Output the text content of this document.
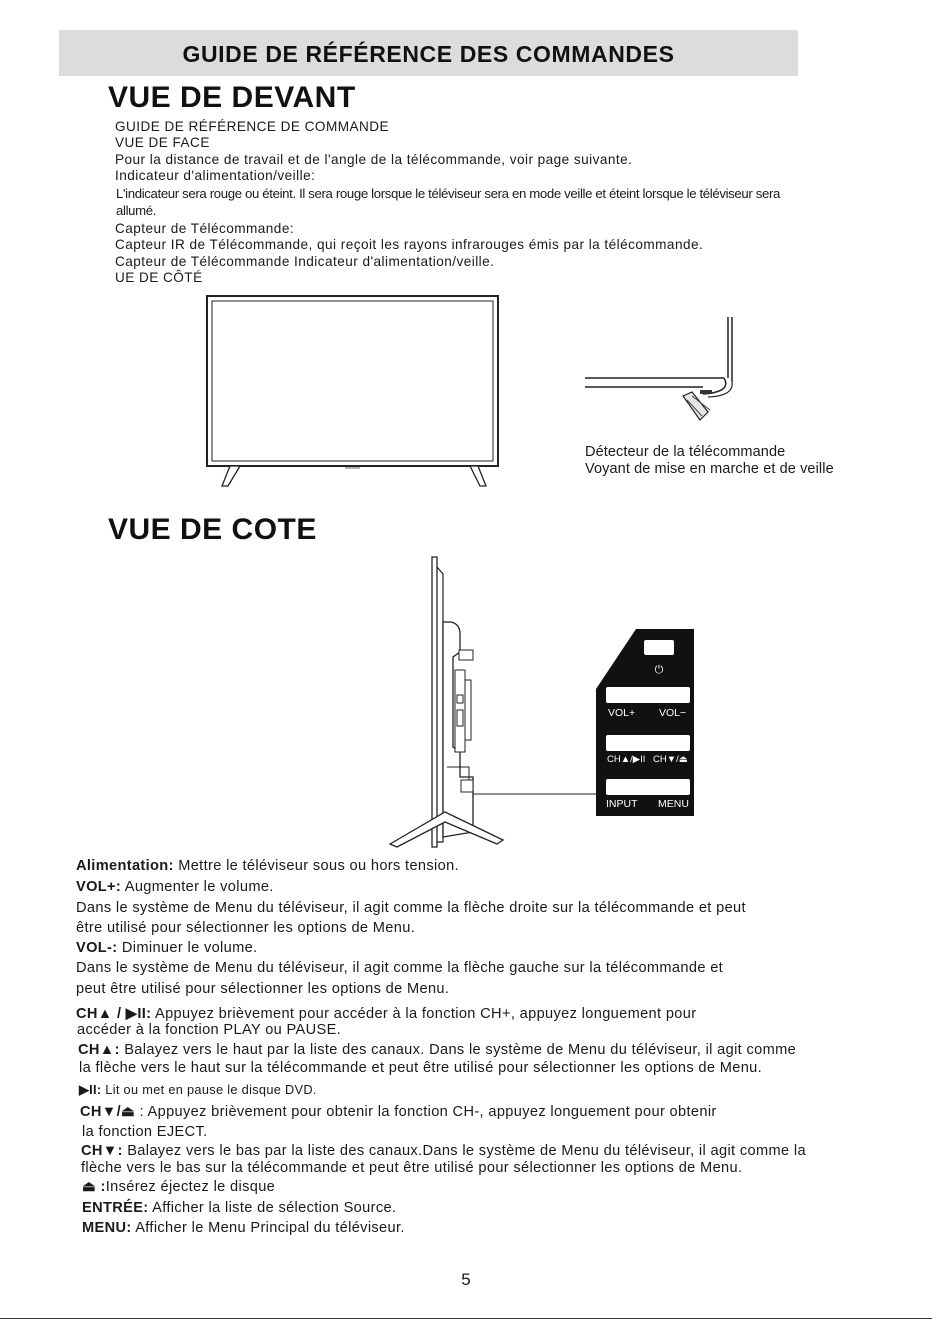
GUIDE DE RÉFÉRENCE DES COMMANDES
VUE DE DEVANT
GUIDE DE RÉFÉRENCE DE COMMANDE
VUE DE FACE
Pour la distance de travail et de l'angle de la télécommande, voir page suivante.
Indicateur d'alimentation/veille:
L'indicateur sera rouge ou éteint. Il sera rouge lorsque le téléviseur sera en mode veille et éteint lorsque le téléviseur sera
allumé.
Capteur de Télécommande:
Capteur IR de Télécommande, qui reçoit les rayons infrarouges émis par la télécommande.
Capteur de Télécommande Indicateur d'alimentation/veille.
UE DE CÔTÉ
Détecteur de la télécommande
Voyant de mise en marche et de veille
VUE DE COTE
⏻
VOL+ VOL−
CH▲/▶II CH▼/⏏
INPUT MENU
Alimentation: Mettre le téléviseur sous ou hors tension.
VOL+: Augmenter le volume.
Dans le système de Menu du téléviseur, il agit comme la flèche droite sur la télécommande et peut
être utilisé pour sélectionner les options de Menu.
VOL-: Diminuer le volume.
Dans le système de Menu du téléviseur, il agit comme la flèche gauche sur la télécommande et
peut être utilisé pour sélectionner les options de Menu.
CH▲ / ▶II: Appuyez brièvement pour accéder à la fonction CH+, appuyez longuement pour
accéder à la fonction PLAY ou PAUSE.
CH▲: Balayez vers le haut par la liste des canaux. Dans le système de Menu du téléviseur, il agit comme
la flèche vers le haut sur la télécommande et peut être utilisé pour sélectionner les options de Menu.
▶II: Lit ou met en pause le disque DVD.
CH▼/⏏ : Appuyez brièvement pour obtenir la fonction CH-, appuyez longuement pour obtenir
la fonction EJECT.
CH▼: Balayez vers le bas par la liste des canaux.Dans le système de Menu du téléviseur, il agit comme la
flèche vers le bas sur la télécommande et peut être utilisé pour sélectionner les options de Menu.
⏏ :Insérez éjectez le disque
ENTRÉE: Afficher la liste de sélection Source.
MENU: Afficher le Menu Principal du téléviseur.
5
